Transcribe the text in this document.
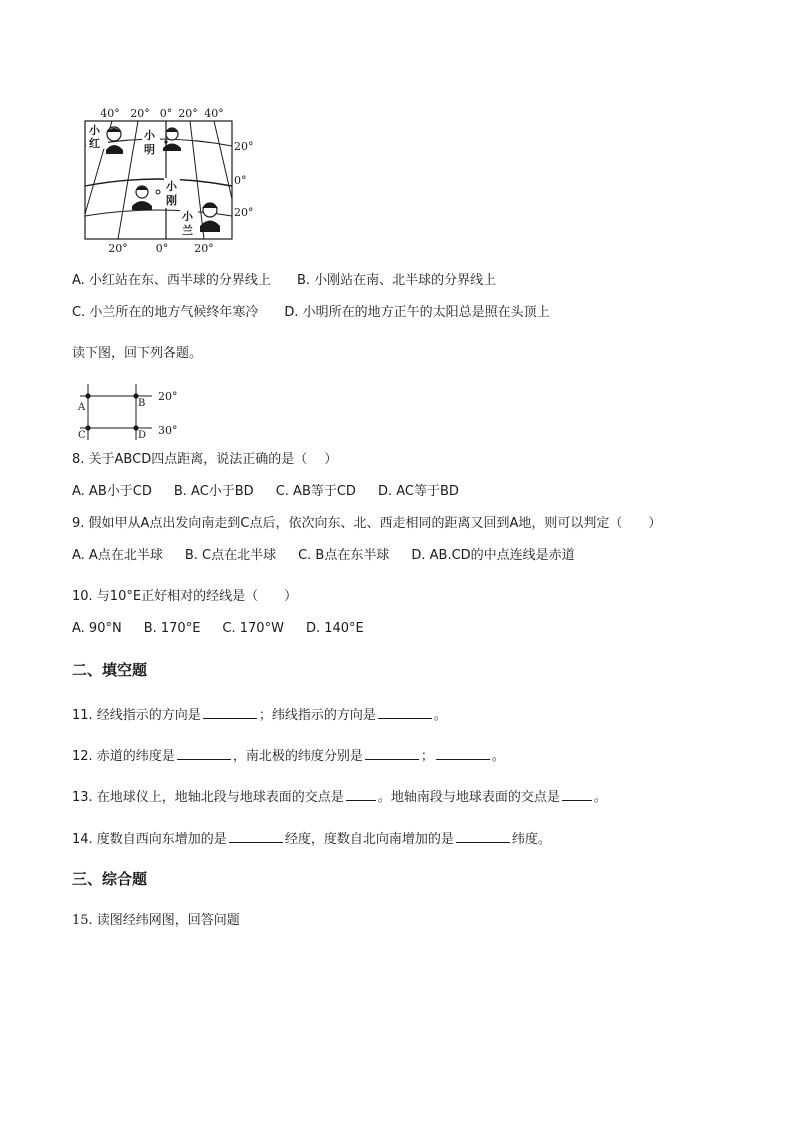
40° 20° 0° 20° 40°
20°
0°
20°
20°	0° 20°
小
红
小
明
小
刚
小
兰
A. 小红站在东、西半球的分界线上 B. 小刚站在南、北半球的分界线上
C. 小兰所在的地方气候终年寒冷 D. 小明所在的地方正午的太阳总是照在头顶上
读下图，回下列各题。
A	B
C	D
20°
30°
8. 关于ABCD四点距离，说法正确的是（　 ）
A. AB小于CD B. AC小于BD C. AB等于CD D. AC等于BD
9. 假如甲从A点出发向南走到C点后，依次向东、北、西走相同的距离又回到A地，则可以判定（　　）
A. A点在北半球 B. C点在北半球 C. B点在东半球 D. AB.CD的中点连线是赤道
10. 与10°E正好相对的经线是（　　）
A. 90°N B. 170°E C. 170°W D. 140°E
二、填空题
11. 经线指示的方向是	；纬线指示的方向是	。
12. 赤道的纬度是	，南北极的纬度分别是	；	。
13. 在地球仪上，地轴北段与地球表面的交点是	。地轴南段与地球表面的交点是	。
14. 度数自西向东增加的是	经度，度数自北向南增加的是	纬度。
三、综合题
15. 读图经纬网图，回答问题
